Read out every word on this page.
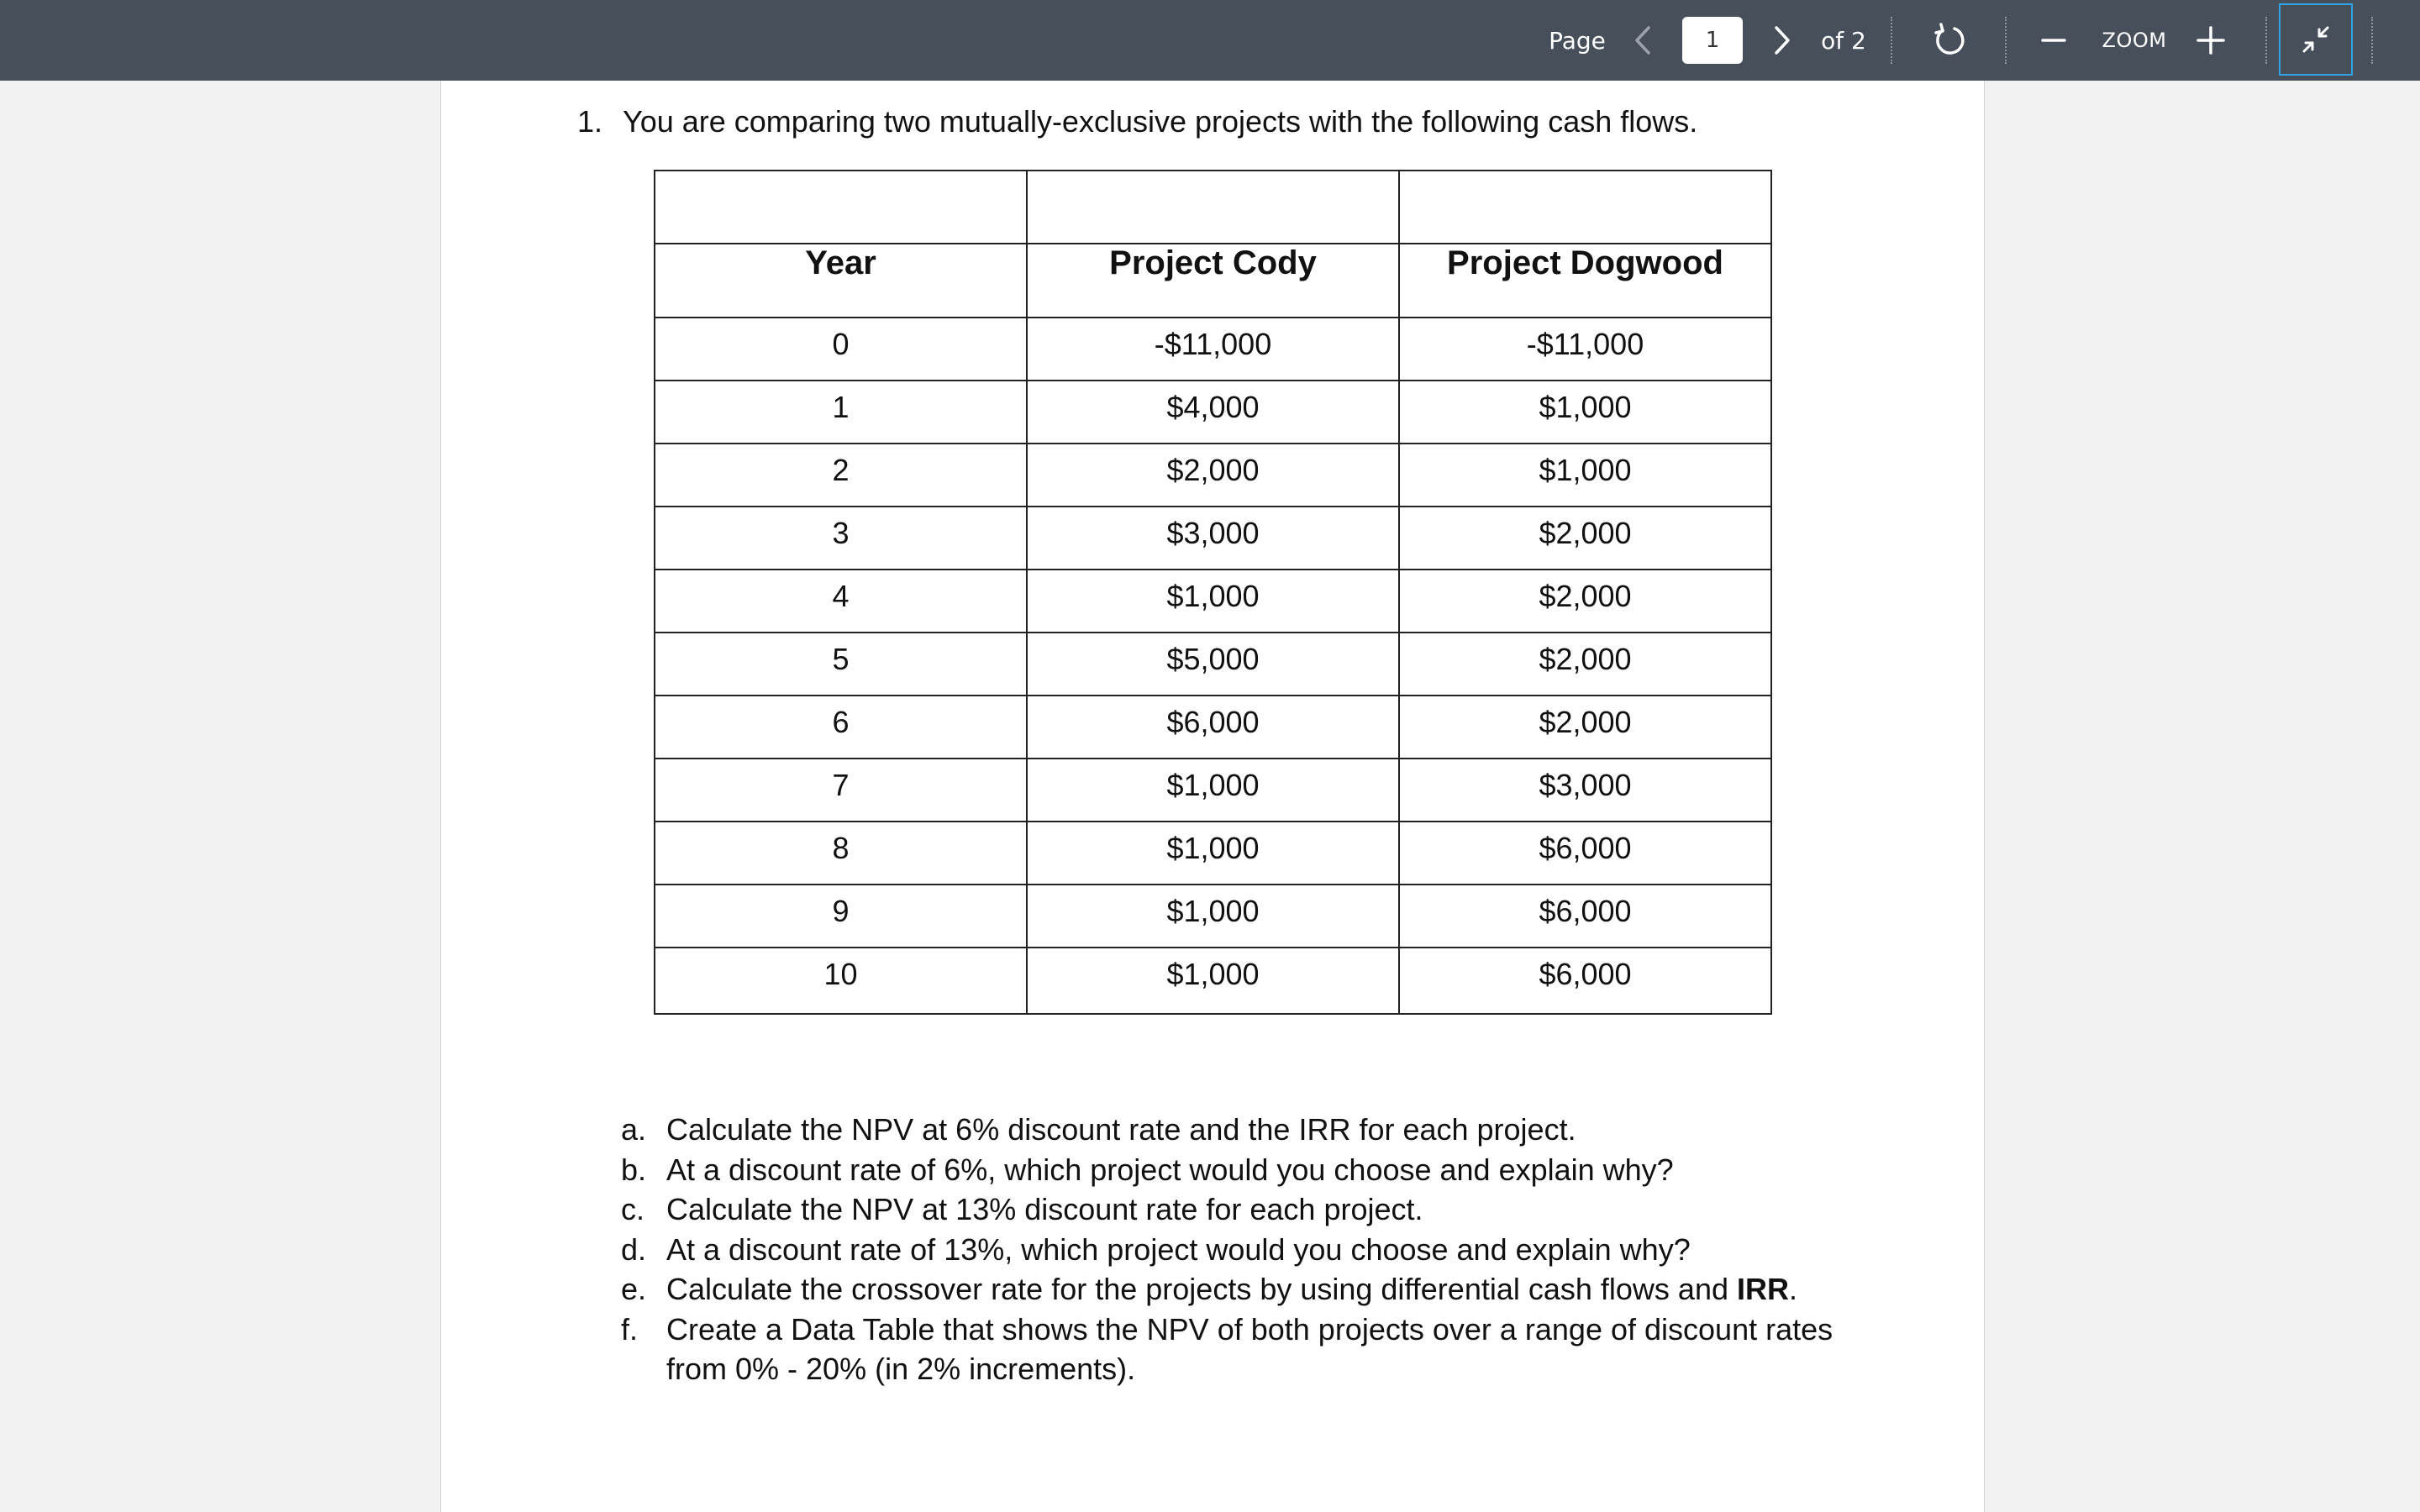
Page
1	of 2	ZOOM
1. You are comparing two mutually-exclusive projects with the following cash flows.

Year	Project Cody	Project Dogwood

0	-$11,000	-$11,000

1	$4,000	$1,000

2	$2,000	$1,000

3	$3,000	$2,000

4	$1,000	$2,000

5	$5,000	$2,000

6	$6,000	$2,000

7	$1,000	$3,000

8	$1,000	$6,000

9	$1,000	$6,000

10	$1,000	$6,000
a. Calculate the NPV at 6% discount rate and the IRR for each project.
b. At a discount rate of 6%, which project would you choose and explain why?
c. Calculate the NPV at 13% discount rate for each project.
d. At a discount rate of 13%, which project would you choose and explain why?
e. Calculate the crossover rate for the projects by using differential cash flows and IRR.
f. Create a Data Table that shows the NPV of both projects over a range of discount rates from 0% - 20% (in 2% increments).
